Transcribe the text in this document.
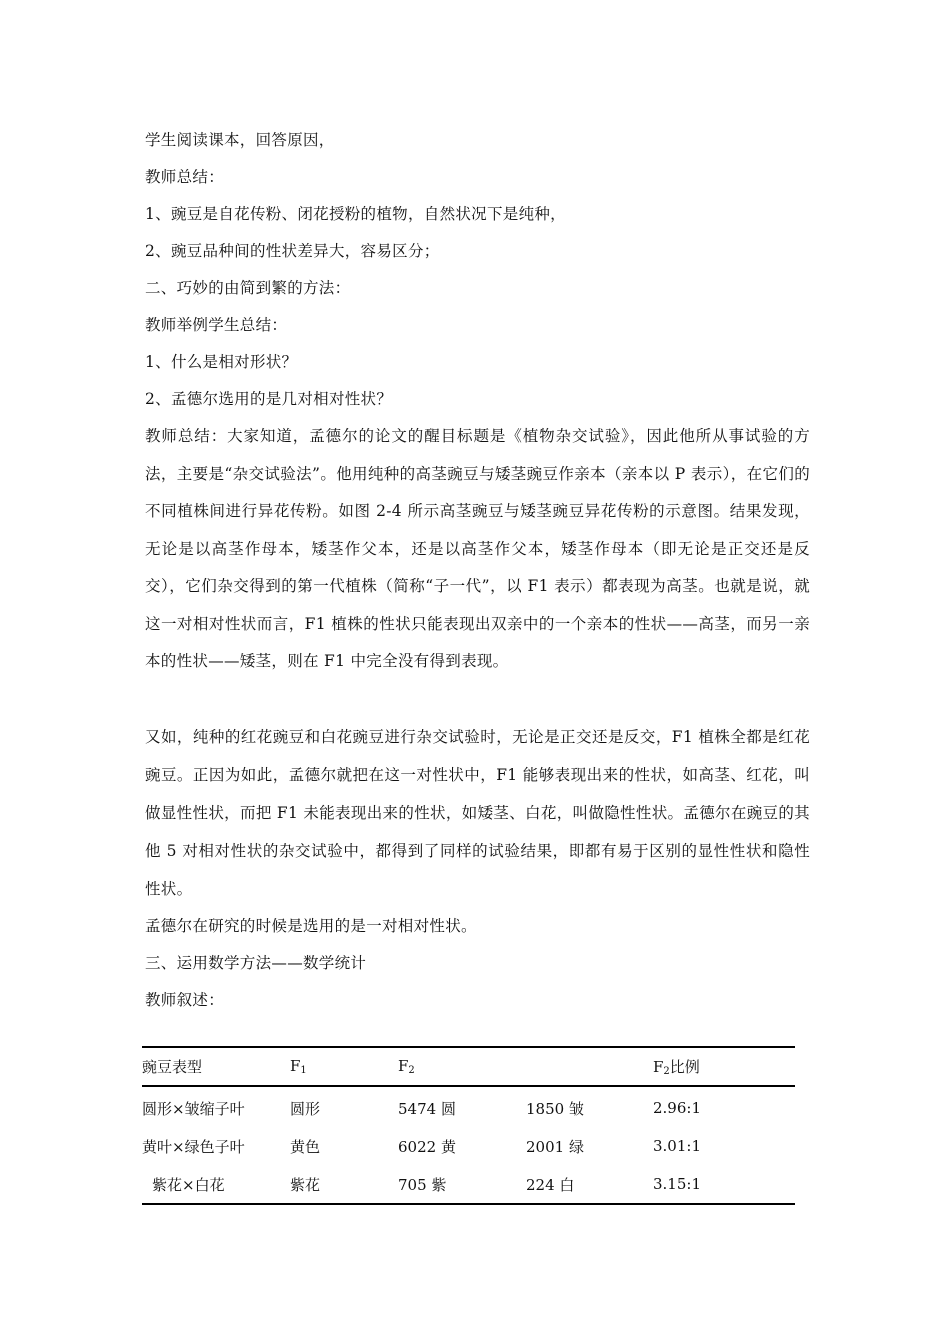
学生阅读课本，回答原因，
教师总结：
1、豌豆是自花传粉、闭花授粉的植物，自然状况下是纯种，
2、豌豆品种间的性状差异大，容易区分；
二、巧妙的由简到繁的方法：
教师举例学生总结：
1、什么是相对形状？
2、孟德尔选用的是几对相对性状？
教师总结：大家知道，孟德尔的论文的醒目标题是《植物杂交试验》，因此他所从事试验的方法，主要是“杂交试验法”。他用纯种的高茎豌豆与矮茎豌豆作亲本（亲本以 P 表示），在它们的不同植株间进行异花传粉。如图 2-4 所示高茎豌豆与矮茎豌豆异花传粉的示意图。结果发现，无论是以高茎作母本，矮茎作父本，还是以高茎作父本，矮茎作母本（即无论是正交还是反交），它们杂交得到的第一代植株（简称“子一代”，以 F1 表示）都表现为高茎。也就是说，就这一对相对性状而言，F1 植株的性状只能表现出双亲中的一个亲本的性状——高茎，而另一亲本的性状——矮茎，则在 F1 中完全没有得到表现。
又如，纯种的红花豌豆和白花豌豆进行杂交试验时，无论是正交还是反交，F1 植株全都是红花豌豆。正因为如此，孟德尔就把在这一对性状中，F1 能够表现出来的性状，如高茎、红花，叫做显性性状，而把 F1 未能表现出来的性状，如矮茎、白花，叫做隐性性状。孟德尔在豌豆的其他 5 对相对性状的杂交试验中，都得到了同样的试验结果，即都有易于区别的显性性状和隐性性状。
孟德尔在研究的时候是选用的是一对相对性状。
三、运用数学方法——数学统计
教师叙述：
豌豆表型	$F_1$	$F_2$		$F_2$比例
圆形×皱缩子叶	圆形	5474 圆	1850 皱	2.96:1
黄叶×绿色子叶	黄色	6022 黄	2001 绿	3.01:1
紫花×白花	紫花	705 紫	224 白	3.15:1
